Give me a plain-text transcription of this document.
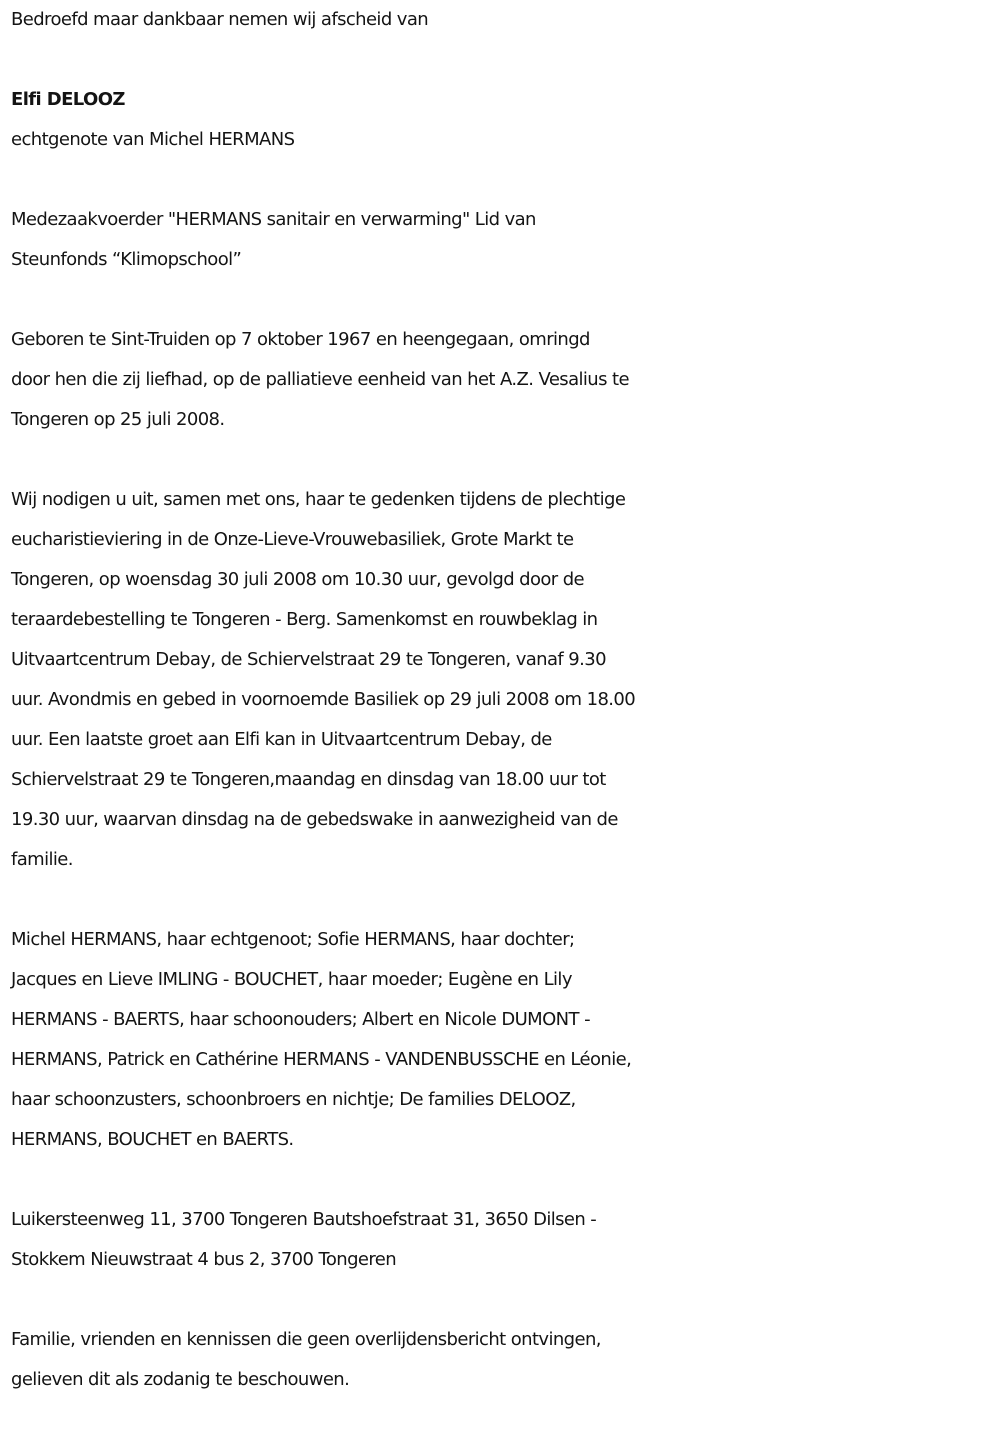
Bedroefd maar dankbaar nemen wij afscheid van

Elfi DELOOZ

echtgenote van Michel HERMANS

Medezaakvoerder "HERMANS sanitair en verwarming" Lid van

Steunfonds “Klimopschool”

Geboren te Sint-Truiden op 7 oktober 1967 en heengegaan, omringd

door hen die zij liefhad, op de palliatieve eenheid van het A.Z. Vesalius te

Tongeren op 25 juli 2008.

Wij nodigen u uit, samen met ons, haar te gedenken tijdens de plechtige

eucharistieviering in de Onze-Lieve-Vrouwebasiliek, Grote Markt te

Tongeren, op woensdag 30 juli 2008 om 10.30 uur, gevolgd door de

teraardebestelling te Tongeren - Berg. Samenkomst en rouwbeklag in

Uitvaartcentrum Debay, de Schiervelstraat 29 te Tongeren, vanaf 9.30

uur. Avondmis en gebed in voornoemde Basiliek op 29 juli 2008 om 18.00

uur. Een laatste groet aan Elfi kan in Uitvaartcentrum Debay, de

Schiervelstraat 29 te Tongeren,maandag en dinsdag van 18.00 uur tot

19.30 uur, waarvan dinsdag na de gebedswake in aanwezigheid van de

familie.

Michel HERMANS, haar echtgenoot; Sofie HERMANS, haar dochter;

Jacques en Lieve IMLING - BOUCHET, haar moeder; Eugène en Lily

HERMANS - BAERTS, haar schoonouders; Albert en Nicole DUMONT -

HERMANS, Patrick en Cathérine HERMANS - VANDENBUSSCHE en Léonie,

haar schoonzusters, schoonbroers en nichtje; De families DELOOZ,

HERMANS, BOUCHET en BAERTS.

Luikersteenweg 11, 3700 Tongeren Bautshoefstraat 31, 3650 Dilsen -

Stokkem Nieuwstraat 4 bus 2, 3700 Tongeren

Familie, vrienden en kennissen die geen overlijdensbericht ontvingen,

gelieven dit als zodanig te beschouwen.
